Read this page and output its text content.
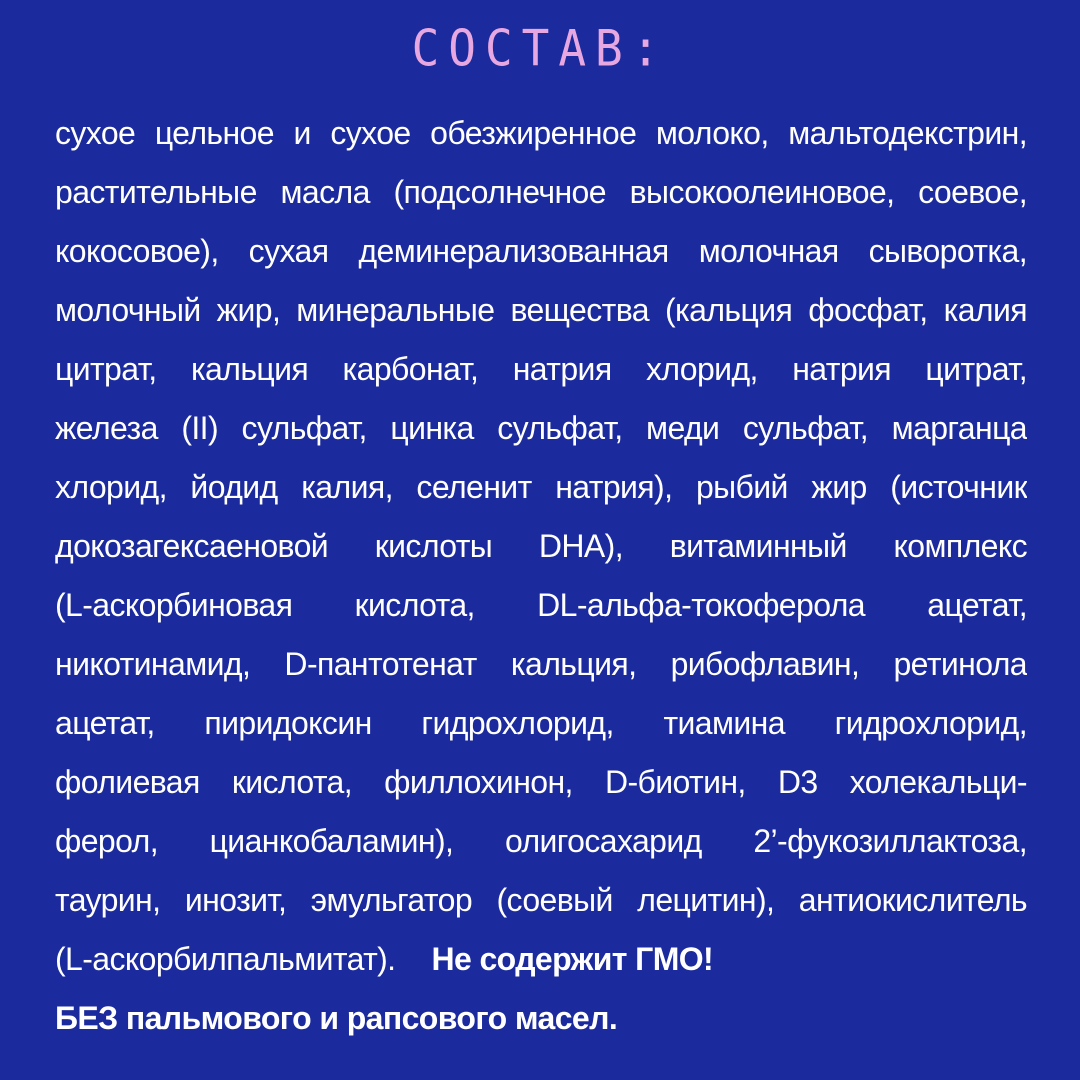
СОСТАВ:
сухое цельное и сухое обезжиренное молоко, мальтодекстрин,
растительные масла (подсолнечное высокоолеиновое, соевое,
кокосовое), сухая деминерализованная молочная сыворотка,
молочный жир, минеральные вещества (кальция фосфат, калия
цитрат, кальция карбонат, натрия хлорид, натрия цитрат,
железа (II) сульфат, цинка сульфат, меди сульфат, марганца
хлорид, йодид калия, селенит натрия), рыбий жир (источник
докозагексаеновой кислоты DHA), витаминный комплекс
(L-аскорбиновая кислота, DL-альфа-токоферола ацетат,
никотинамид, D-пантотенат кальция, рибофлавин, ретинола
ацетат, пиридоксин гидрохлорид, тиамина гидрохлорид,
фолиевая кислота, филлохинон, D-биотин, D3 холекальци-
ферол, цианкобаламин), олигосахарид 2’-фукозиллактоза,
таурин, инозит, эмульгатор (соевый лецитин), антиокислитель
(L-аскорбилпальмитат). Не содержит ГМО!
БЕЗ пальмового и рапсового масел.
